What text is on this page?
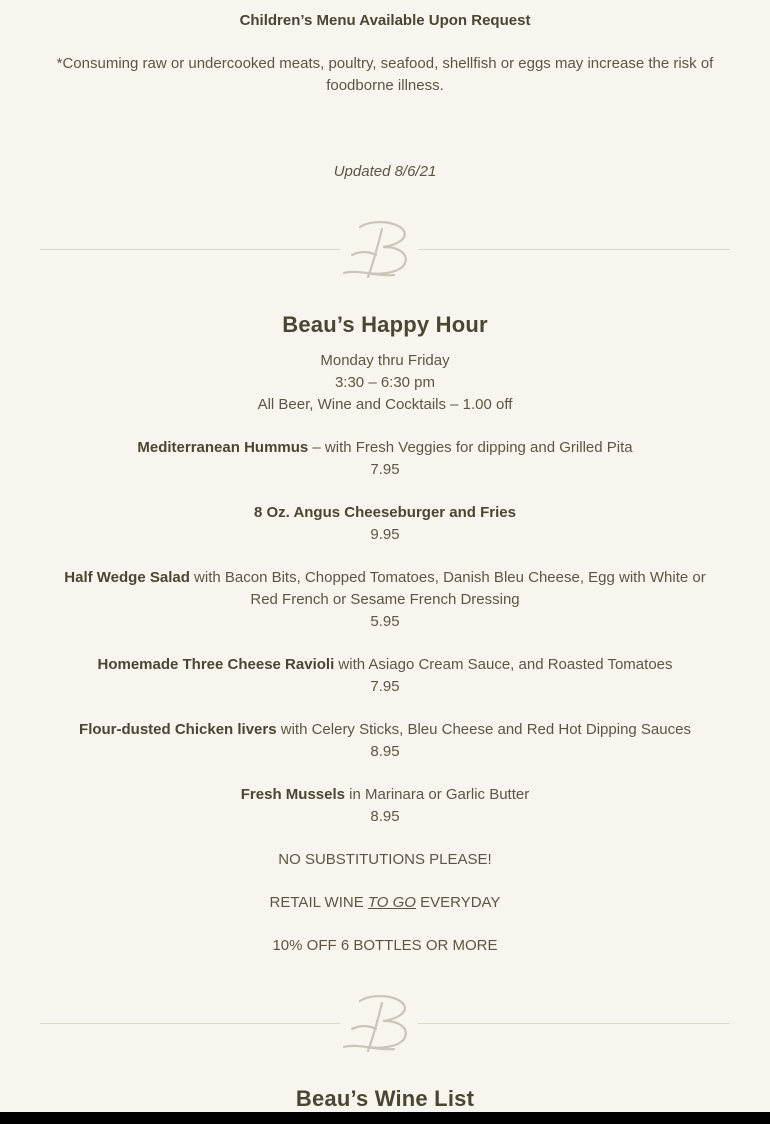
Children’s Menu Available Upon Request
*Consuming raw or undercooked meats, poultry, seafood, shellfish or eggs may increase the risk of foodborne illness.
Updated 8/6/21
Beau’s Happy Hour
Monday thru Friday
3:30 – 6:30 pm
All Beer, Wine and Cocktails – 1.00 off
Mediterranean Hummus – with Fresh Veggies for dipping and Grilled Pita
7.95
8 Oz. Angus Cheeseburger and Fries
9.95
Half Wedge Salad with Bacon Bits, Chopped Tomatoes, Danish Bleu Cheese, Egg with White or Red French or Sesame French Dressing
5.95
Homemade Three Cheese Ravioli with Asiago Cream Sauce, and Roasted Tomatoes
7.95
Flour-dusted Chicken livers with Celery Sticks, Bleu Cheese and Red Hot Dipping Sauces
8.95
Fresh Mussels in Marinara or Garlic Butter
8.95
NO SUBSTITUTIONS PLEASE!
RETAIL WINE TO GO EVERYDAY
10% OFF 6 BOTTLES OR MORE
Beau’s Wine List
